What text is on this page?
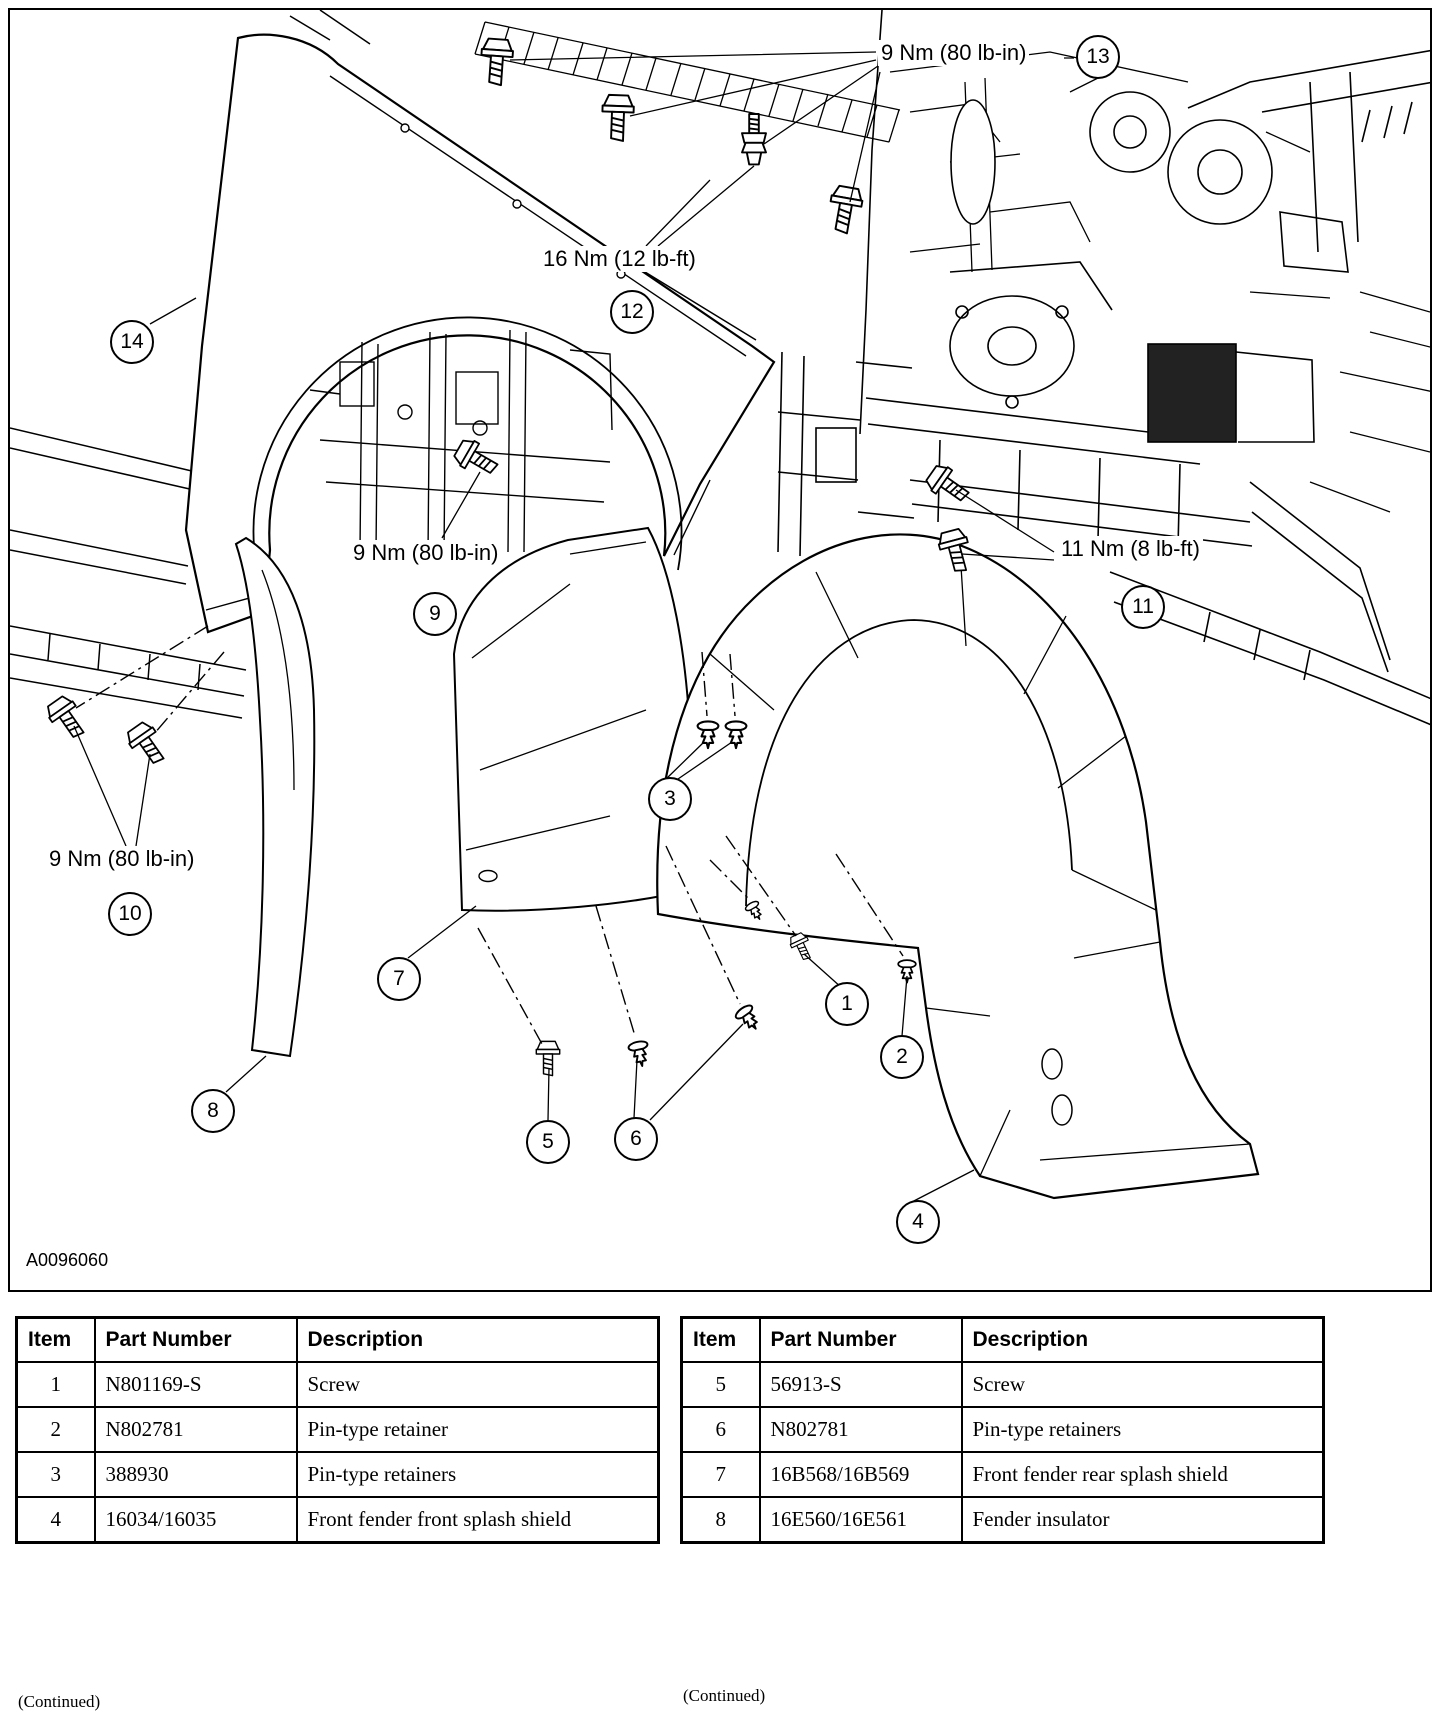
9 Nm (80 lb-in)
16 Nm (12 lb-ft)
9 Nm (80 lb-in)	11 Nm (8 lb-ft)
9 Nm (80 lb-in)
1
2
3
4
5	6
7
8
9
10
11
12
13
14
A0096060
Item	Part Number	Description
1	N801169-S	Screw
2	N802781	Pin-type retainer
3	388930	Pin-type retainers
4	16034/16035	Front fender front splash shield
Item	Part Number	Description
5	56913-S	Screw
6	N802781	Pin-type retainers
7	16B568/16B569	Front fender rear splash shield
8	16E560/16E561	Fender insulator
(Continued)	(Continued)
